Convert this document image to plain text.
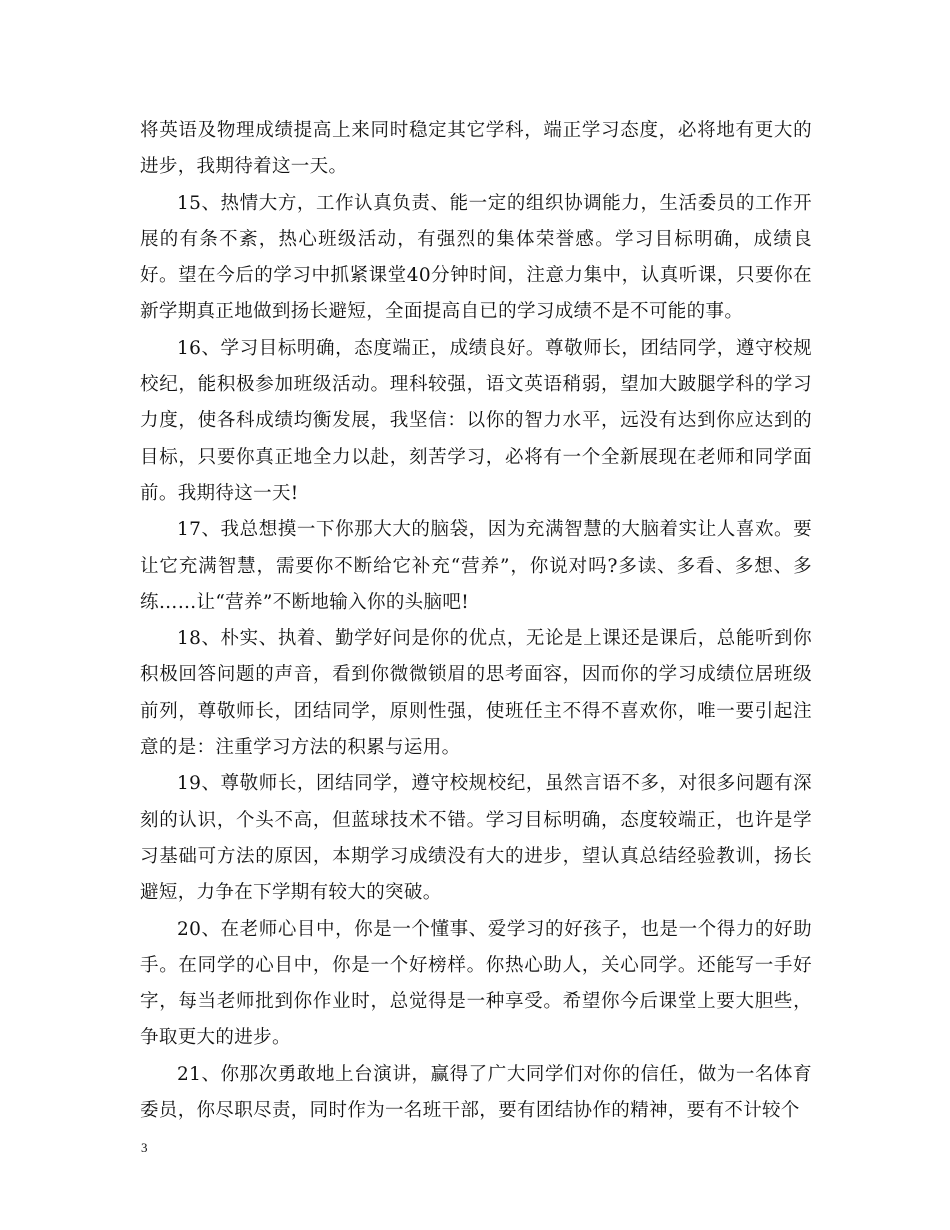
将英语及物理成绩提高上来同时稳定其它学科，端正学习态度，必将地有更大的进步，我期待着这一天。

15、热情大方，工作认真负责、能一定的组织协调能力，生活委员的工作开展的有条不紊，热心班级活动，有强烈的集体荣誉感。学习目标明确，成绩良好。望在今后的学习中抓紧课堂40分钟时间，注意力集中，认真听课，只要你在新学期真正地做到扬长避短，全面提高自已的学习成绩不是不可能的事。

16、学习目标明确，态度端正，成绩良好。尊敬师长，团结同学，遵守校规校纪，能积极参加班级活动。理科较强，语文英语稍弱，望加大跛腿学科的学习力度，使各科成绩均衡发展，我坚信：以你的智力水平，远没有达到你应达到的目标，只要你真正地全力以赴，刻苦学习，必将有一个全新展现在老师和同学面前。我期待这一天!

17、我总想摸一下你那大大的脑袋，因为充满智慧的大脑着实让人喜欢。要让它充满智慧，需要你不断给它补充“营养”，你说对吗?多读、多看、多想、多练……让“营养”不断地输入你的头脑吧!

18、朴实、执着、勤学好问是你的优点，无论是上课还是课后，总能听到你积极回答问题的声音，看到你微微锁眉的思考面容，因而你的学习成绩位居班级前列，尊敬师长，团结同学，原则性强，使班任主不得不喜欢你，唯一要引起注意的是：注重学习方法的积累与运用。

19、尊敬师长，团结同学，遵守校规校纪，虽然言语不多，对很多问题有深刻的认识，个头不高，但蓝球技术不错。学习目标明确，态度较端正，也许是学习基础可方法的原因，本期学习成绩没有大的进步，望认真总结经验教训，扬长避短，力争在下学期有较大的突破。

20、在老师心目中，你是一个懂事、爱学习的好孩子，也是一个得力的好助手。在同学的心目中，你是一个好榜样。你热心助人，关心同学。还能写一手好字，每当老师批到你作业时，总觉得是一种享受。希望你今后课堂上要大胆些，争取更大的进步。

21、你那次勇敢地上台演讲，赢得了广大同学们对你的信任，做为一名体育委员，你尽职尽责，同时作为一名班干部，要有团结协作的精神，要有不计较个

3
